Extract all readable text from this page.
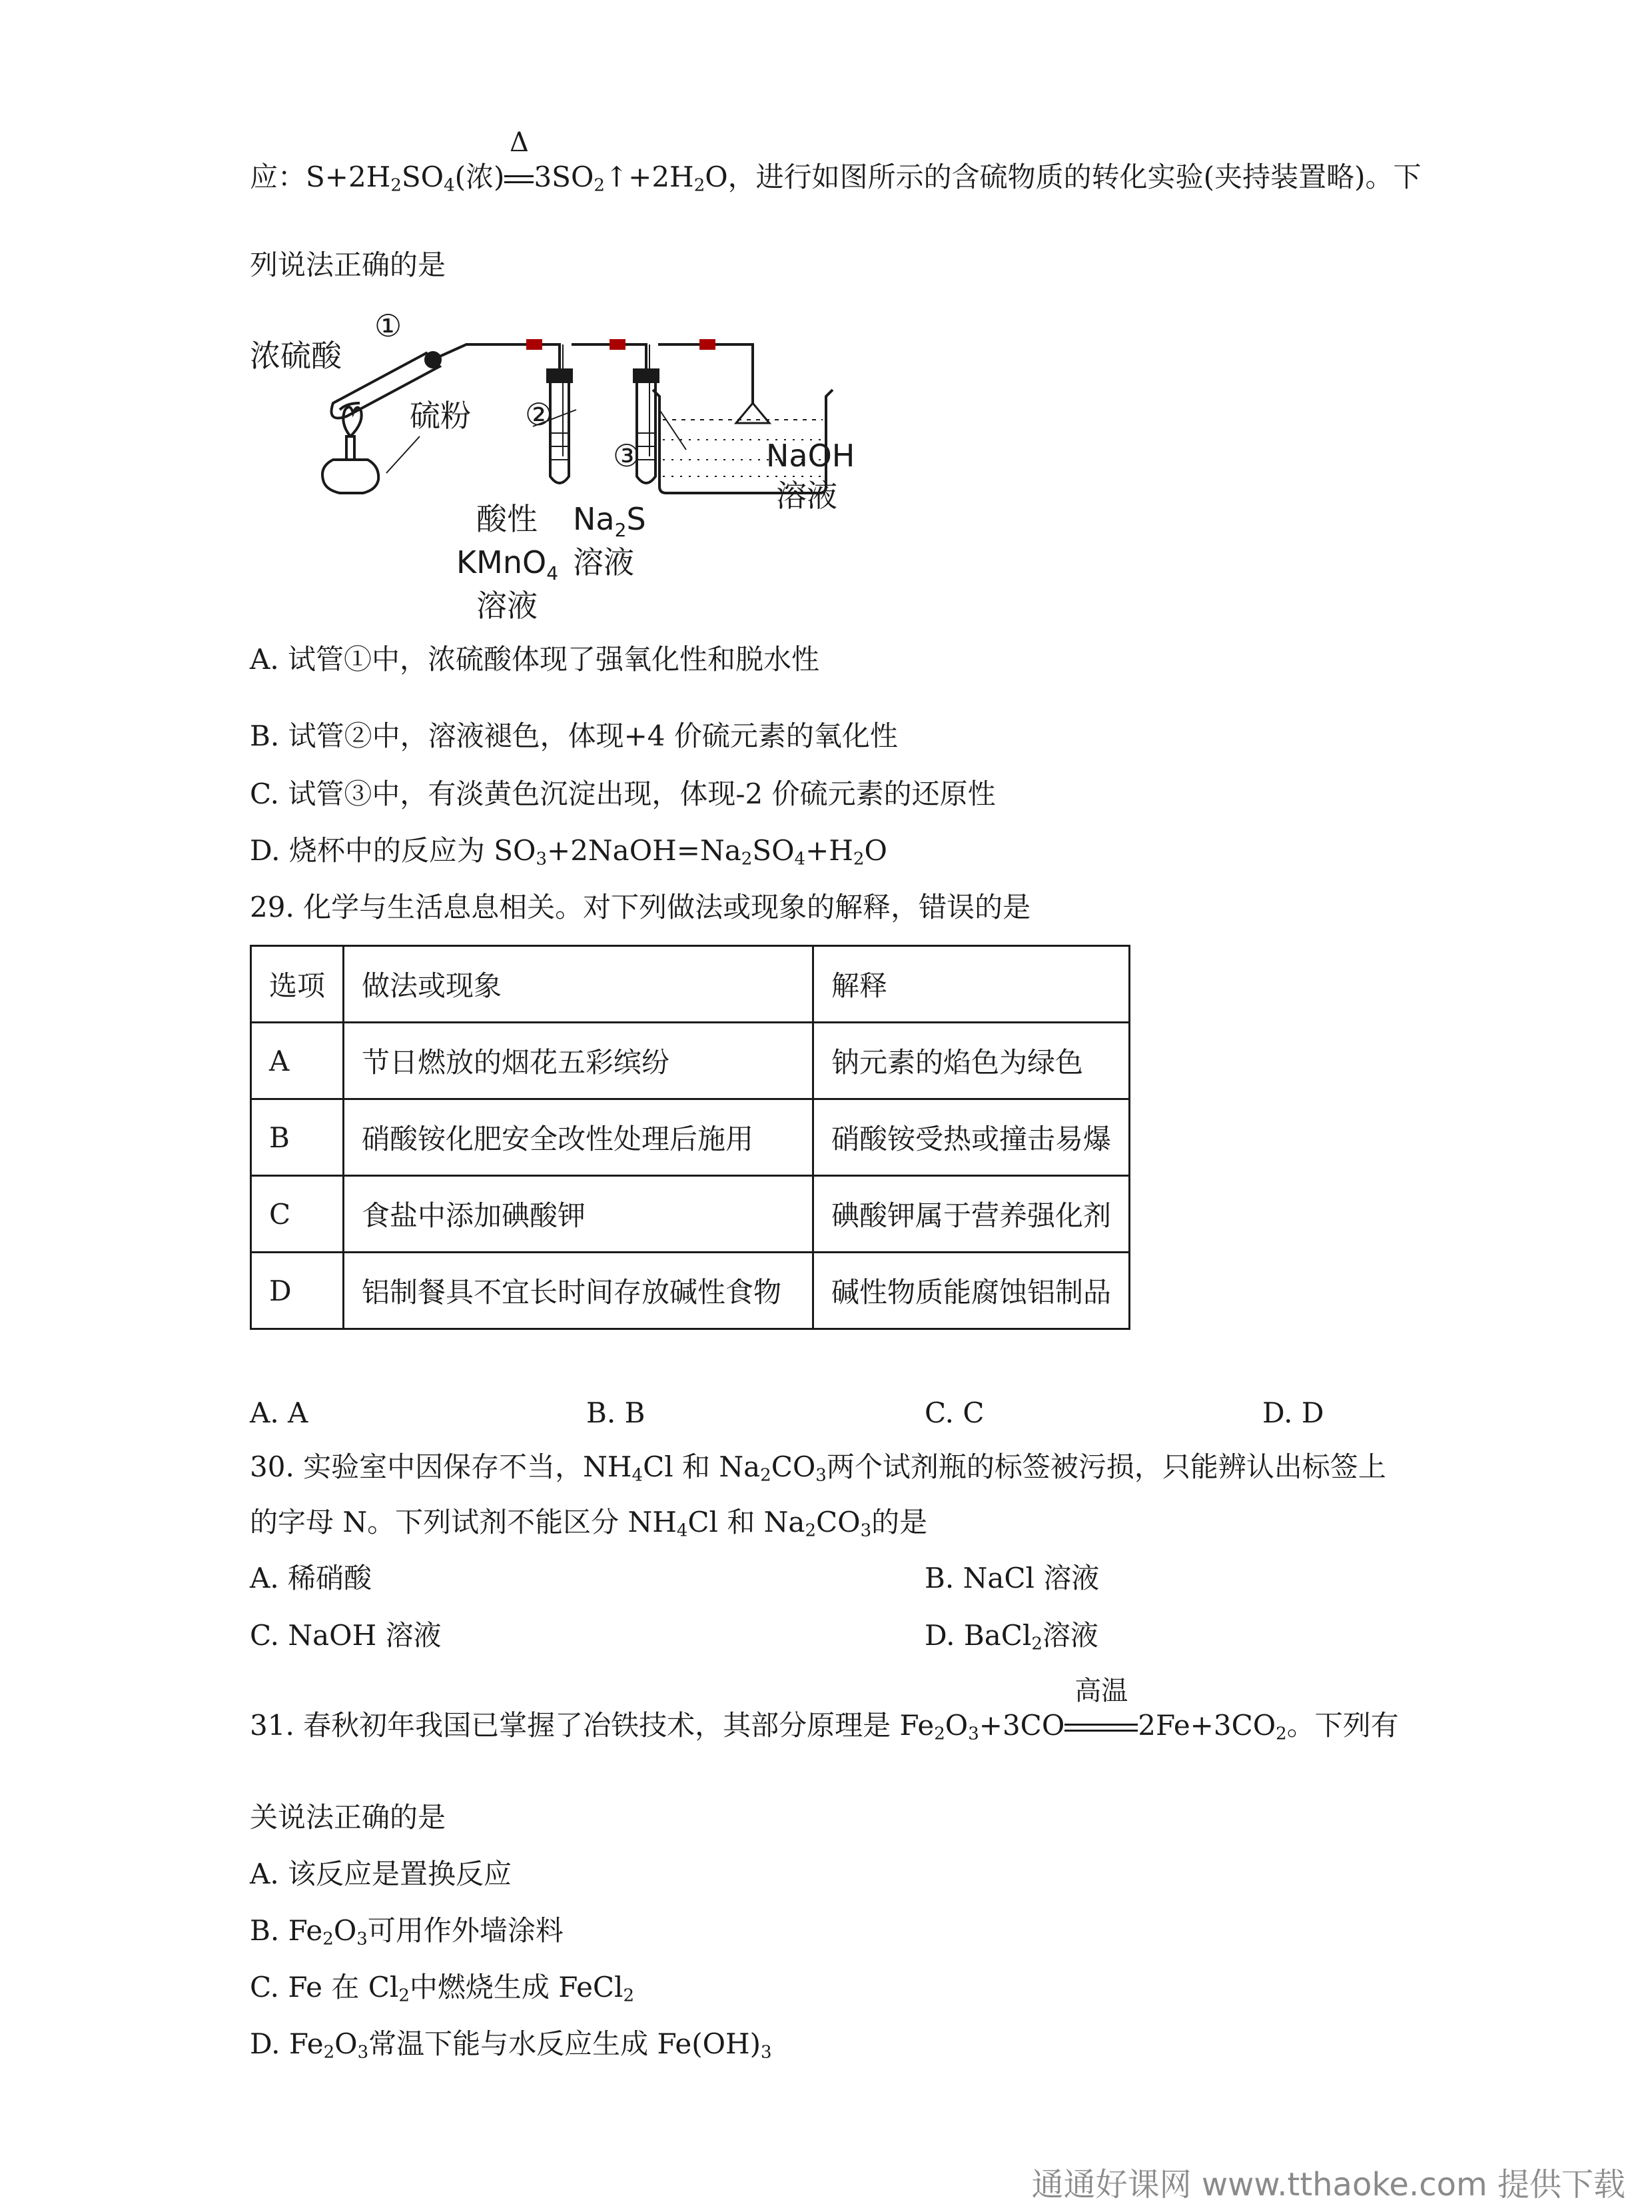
应：$S+2H_2SO_4$(浓)
Δ
$3SO_2↑+2H_2O$，进行如图所示的含硫物质的转化实验(夹持装置略)。下
列说法正确的是
浓硫酸
①
硫粉 ②
③	NaOH
溶液
酸性
KMnO$_4$
溶液
$Na_2S$
溶液
A. 试管①中，浓硫酸体现了强氧化性和脱水性
B. 试管②中，溶液褪色，体现+4 价硫元素的氧化性
C. 试管③中，有淡黄色沉淀出现，体现-2 价硫元素的还原性
D. 烧杯中的反应为 $SO_3+2NaOH=Na_2SO_4+H_2O$
29. 化学与生活息息相关。对下列做法或现象的解释，错误的是
选项	做法或现象	解释
A	节日燃放的烟花五彩缤纷	钠元素的焰色为绿色
B	硝酸铵化肥安全改性处理后施用	硝酸铵受热或撞击易爆
C	食盐中添加碘酸钾	碘酸钾属于营养强化剂
D	铝制餐具不宜长时间存放碱性食物	碱性物质能腐蚀铝制品
A. A	B. B	C. C	D. D
30. 实验室中因保存不当，$NH_4Cl$ 和 $Na_2CO_3$两个试剂瓶的标签被污损，只能辨认出标签上
的字母 N。下列试剂不能区分 $NH_4Cl$ 和 $Na_2CO_3$的是
A. 稀硝酸	B. NaCl 溶液
C. NaOH 溶液	D. BaCl$_2$溶液
31. 春秋初年我国已掌握了冶铁技术，其部分原理是 $Fe_2O_3+3CO$
高温
$2Fe+3CO_2$。下列有
关说法正确的是
A. 该反应是置换反应
B. $Fe_2O_3$可用作外墙涂料
C. Fe 在 $Cl_2$中燃烧生成 FeCl$_2$
D. $Fe_2O_3$常温下能与水反应生成 $Fe(OH)_3$
通通好课网 www.tthaoke.com 提供下载
